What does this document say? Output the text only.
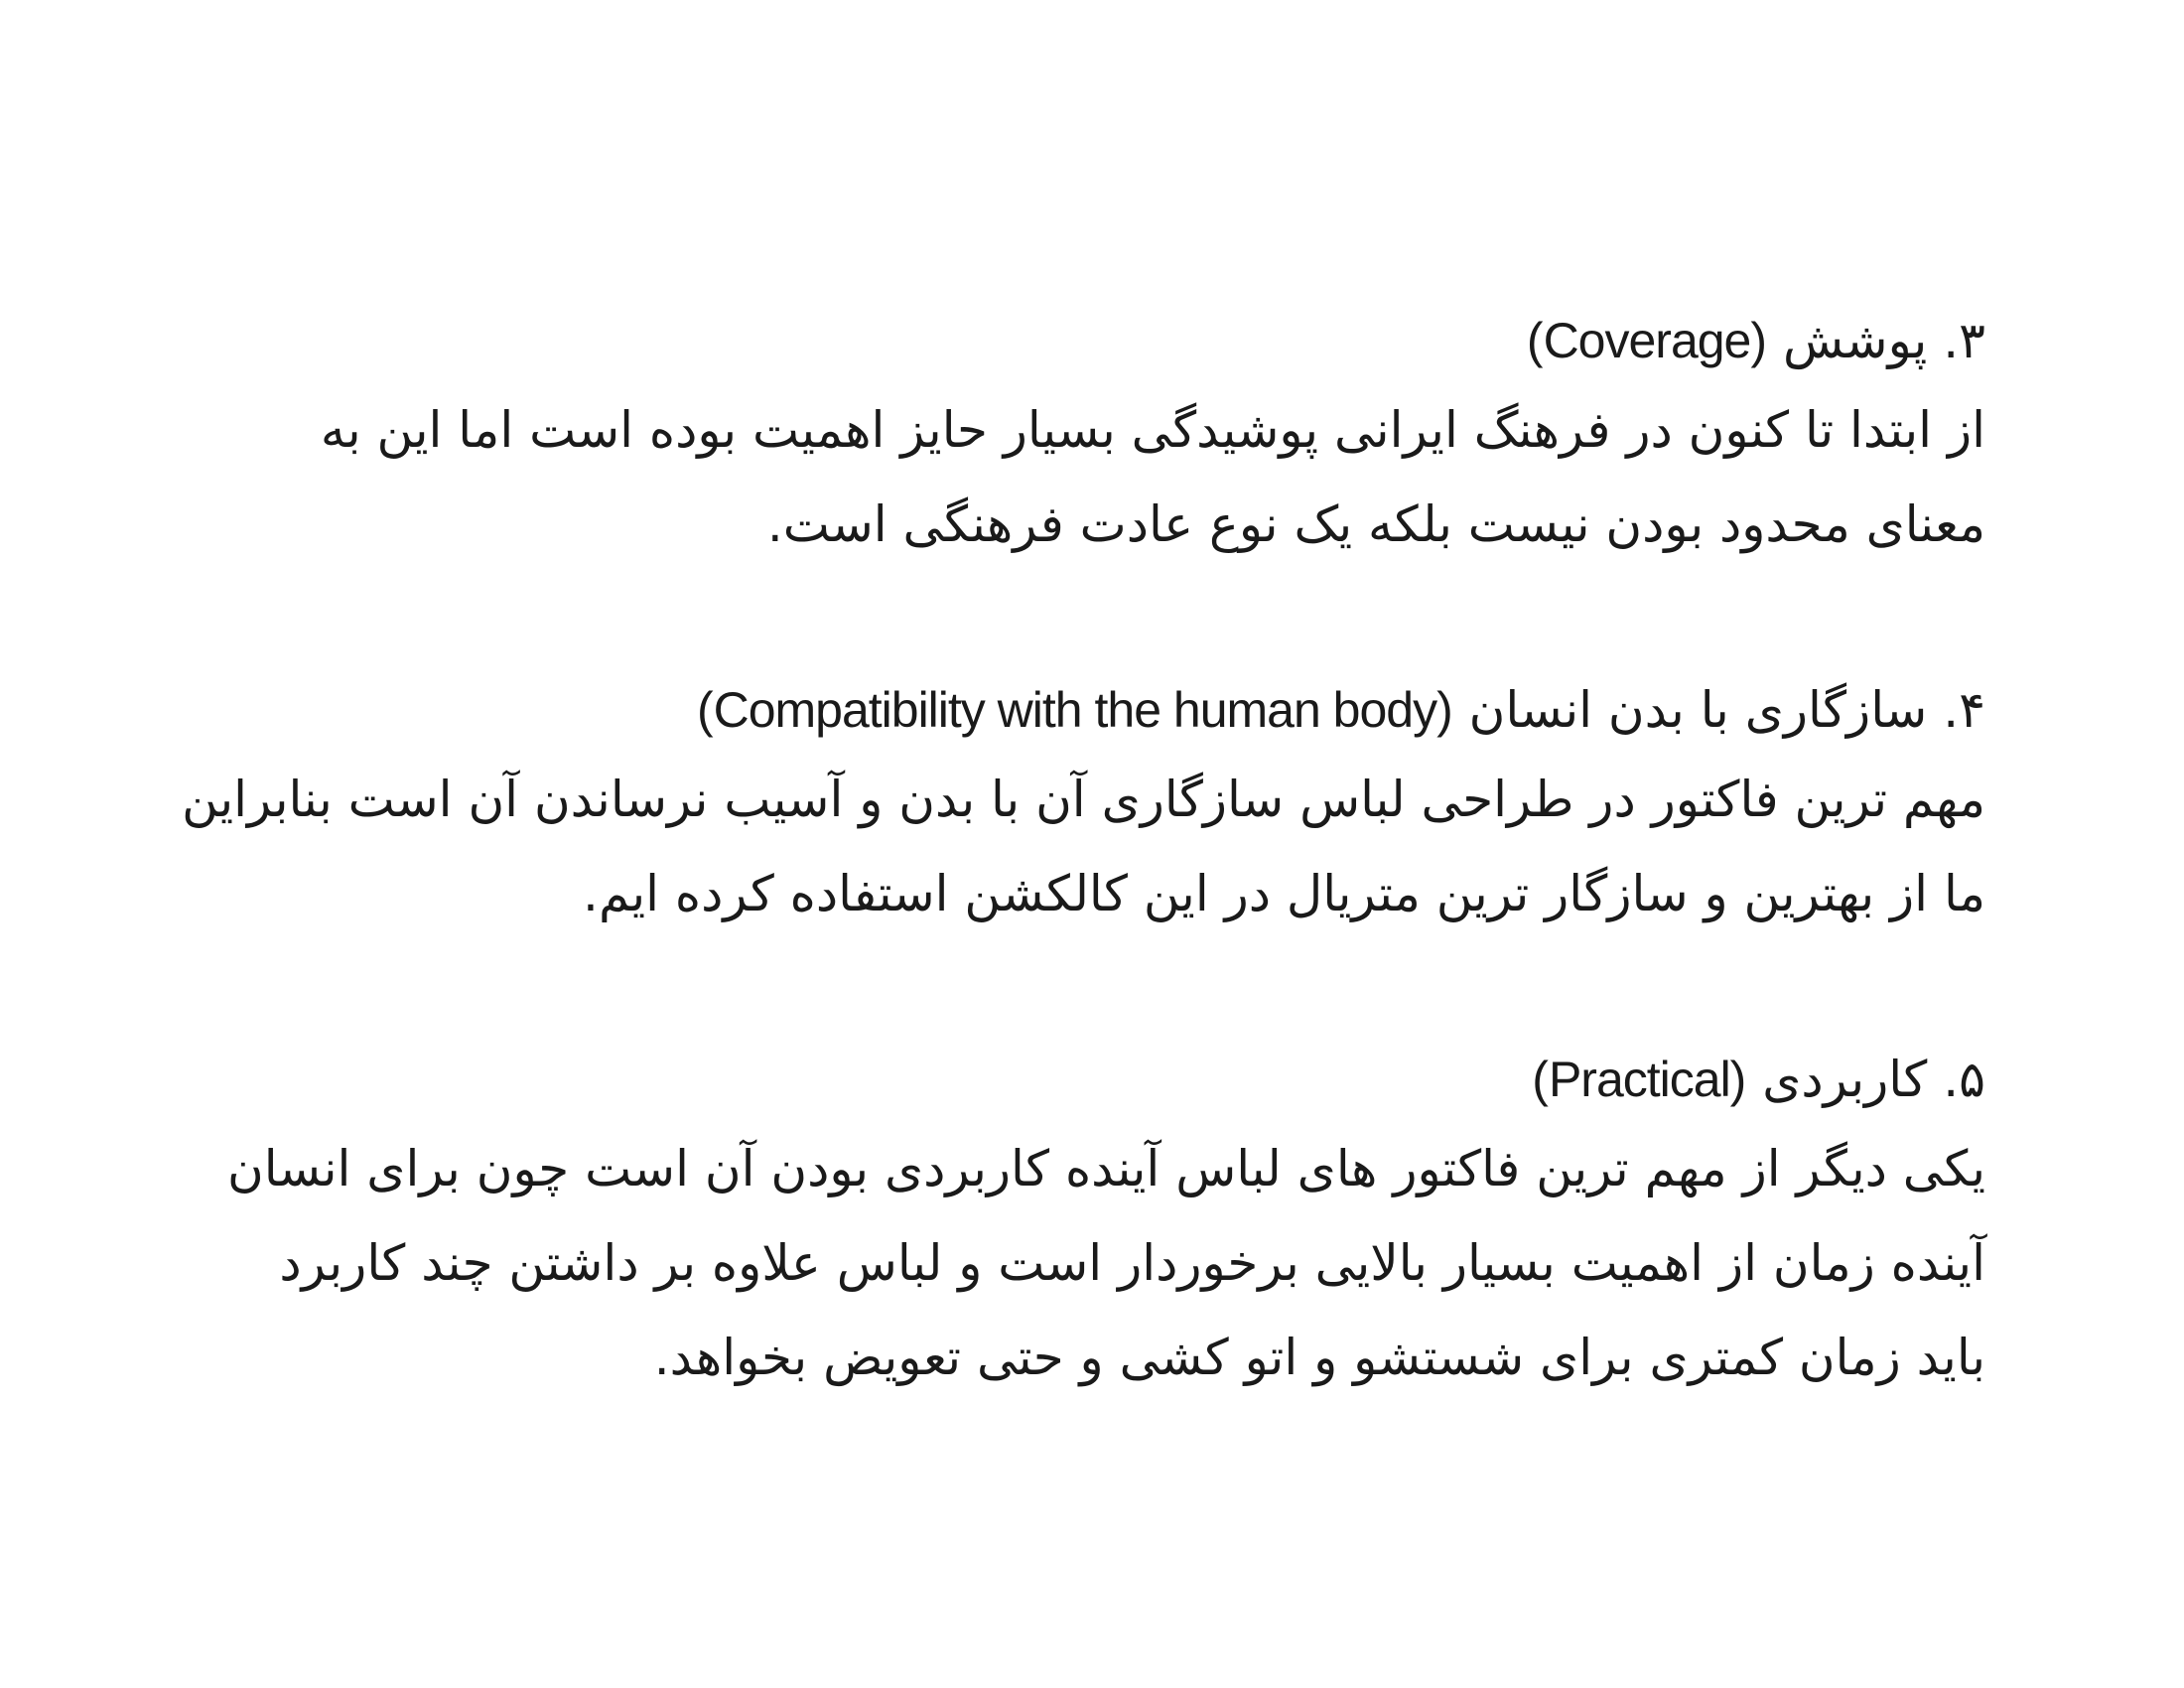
۳. پوشش (Coverage)

از ابتدا تا کنون در فرهنگ ایرانی پوشیدگی بسیار حایز اهمیت بوده است اما این به
معنای محدود بودن نیست بلکه یک نوع عادت فرهنگی است.

۴. سازگاری با بدن انسان (Compatibility with the human body)

مهم ترین فاکتور در طراحی لباس سازگاری آن با بدن و آسیب نرساندن آن است بنابراین
ما از بهترین و سازگار ترین متریال در این کالکشن استفاده کرده ایم.

۵. کاربردی (Practical)

یکی دیگر از مهم ترین فاکتور های لباس آینده کاربردی بودن آن است چون برای انسان
آینده زمان از اهمیت بسیار بالایی برخوردار است و لباس علاوه بر داشتن چند کاربرد
باید زمان کمتری برای شستشو و اتو کشی و حتی تعویض بخواهد.
